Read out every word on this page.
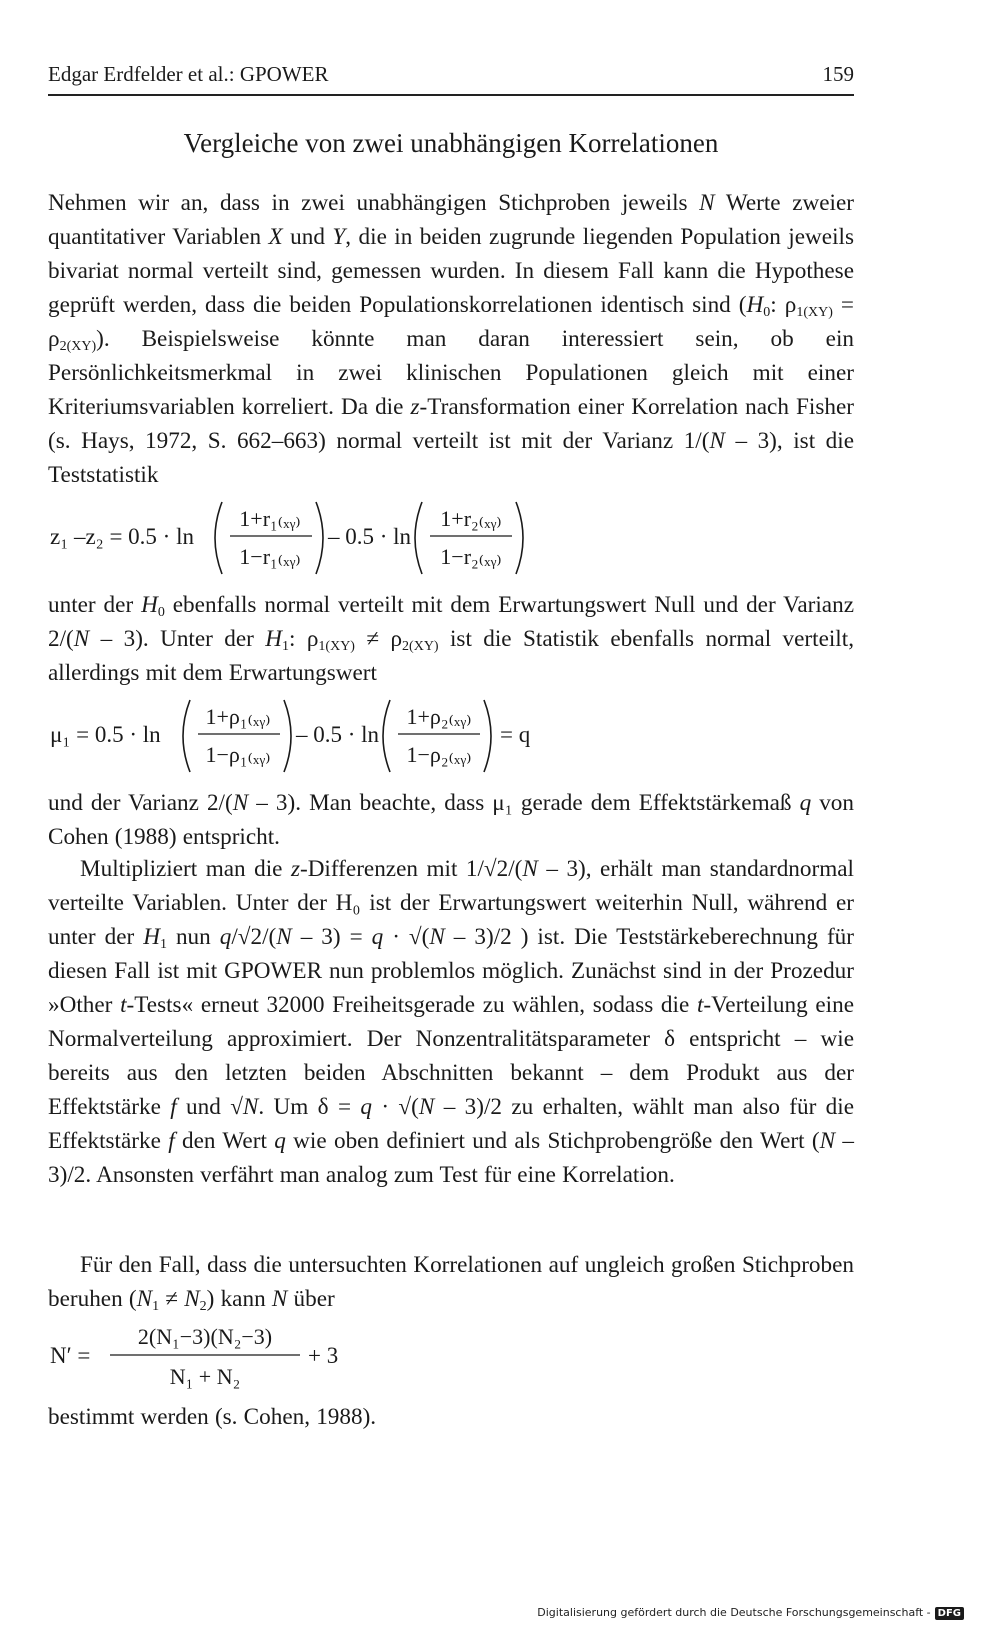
Edgar Erdfelder et al.: GPOWER	159
Vergleiche von zwei unabhängigen Korrelationen

Nehmen wir an, dass in zwei unabhängigen Stichproben jeweils N Werte zweier quantitativer Variablen X und Y, die in beiden zugrunde liegenden Population jeweils bivariat normal verteilt sind, gemessen wurden. In diesem Fall kann die Hypothese geprüft werden, dass die beiden Populationskorrelationen identisch sind ($H_0$: $\rho_{1(XY)} = \rho_{2(XY)}$). Beispielsweise könnte man daran interessiert sein, ob ein Persönlichkeitsmerkmal in zwei klinischen Populationen gleich mit einer Kriteriumsvariablen korreliert. Da die z-Transformation einer Korrelation nach Fisher (s. Hays, 1972, S. 662–663) normal verteilt ist mit der Varianz 1/(N – 3), ist die Teststatistik

z₁ –z₂ = 0.5 · ln
1+r₁₍ₓᵧ₎
1−r₁₍ₓᵧ₎
– 0.5 · ln
1+r₂₍ₓᵧ₎
1−r₂₍ₓᵧ₎

unter der $H_0$ ebenfalls normal verteilt mit dem Erwartungswert Null und der Varianz 2/(N – 3). Unter der $H_1$: $\rho_{1(XY)} \ne \rho_{2(XY)}$ ist die Statistik ebenfalls normal verteilt, allerdings mit dem Erwartungswert

μ₁ = 0.5 · ln
1+ρ₁₍ₓᵧ₎
1−ρ₁₍ₓᵧ₎
– 0.5 · ln
1+ρ₂₍ₓᵧ₎
1−ρ₂₍ₓᵧ₎
= q

und der Varianz 2/(N – 3). Man beachte, dass μ₁ gerade dem Effektstärkemaß q von Cohen (1988) entspricht.

Multipliziert man die z-Differenzen mit 1/√2/(N – 3), erhält man standardnormal verteilte Variablen. Unter der H₀ ist der Erwartungswert weiterhin Null, während er unter der $H_1$ nun q/√2/(N – 3) = q · √(N – 3)/2 ) ist. Die Teststärkeberechnung für diesen Fall ist mit GPOWER nun problemlos möglich. Zunächst sind in der Prozedur »Other t-Tests« erneut 32000 Freiheitsgerade zu wählen, sodass die t-Verteilung eine Normalverteilung approximiert. Der Nonzentralitätsparameter δ entspricht – wie bereits aus den letzten beiden Abschnitten bekannt – dem Produkt aus der Effektstärke f und √N. Um δ = q · √(N – 3)/2 zu erhalten, wählt man also für die Effektstärke f den Wert q wie oben definiert und als Stichprobengröße den Wert (N – 3)/2. Ansonsten verfährt man analog zum Test für eine Korrelation.

Für den Fall, dass die untersuchten Korrelationen auf ungleich großen Stichproben beruhen $(N_1 \ne N_2)$ kann N über

N′ =
2(N₁−3)(N₂−3)
N₁ + N₂
+ 3

bestimmt werden (s. Cohen, 1988).

Digitalisierung gefördert durch die Deutsche Forschungsgemeinschaft - DFG
